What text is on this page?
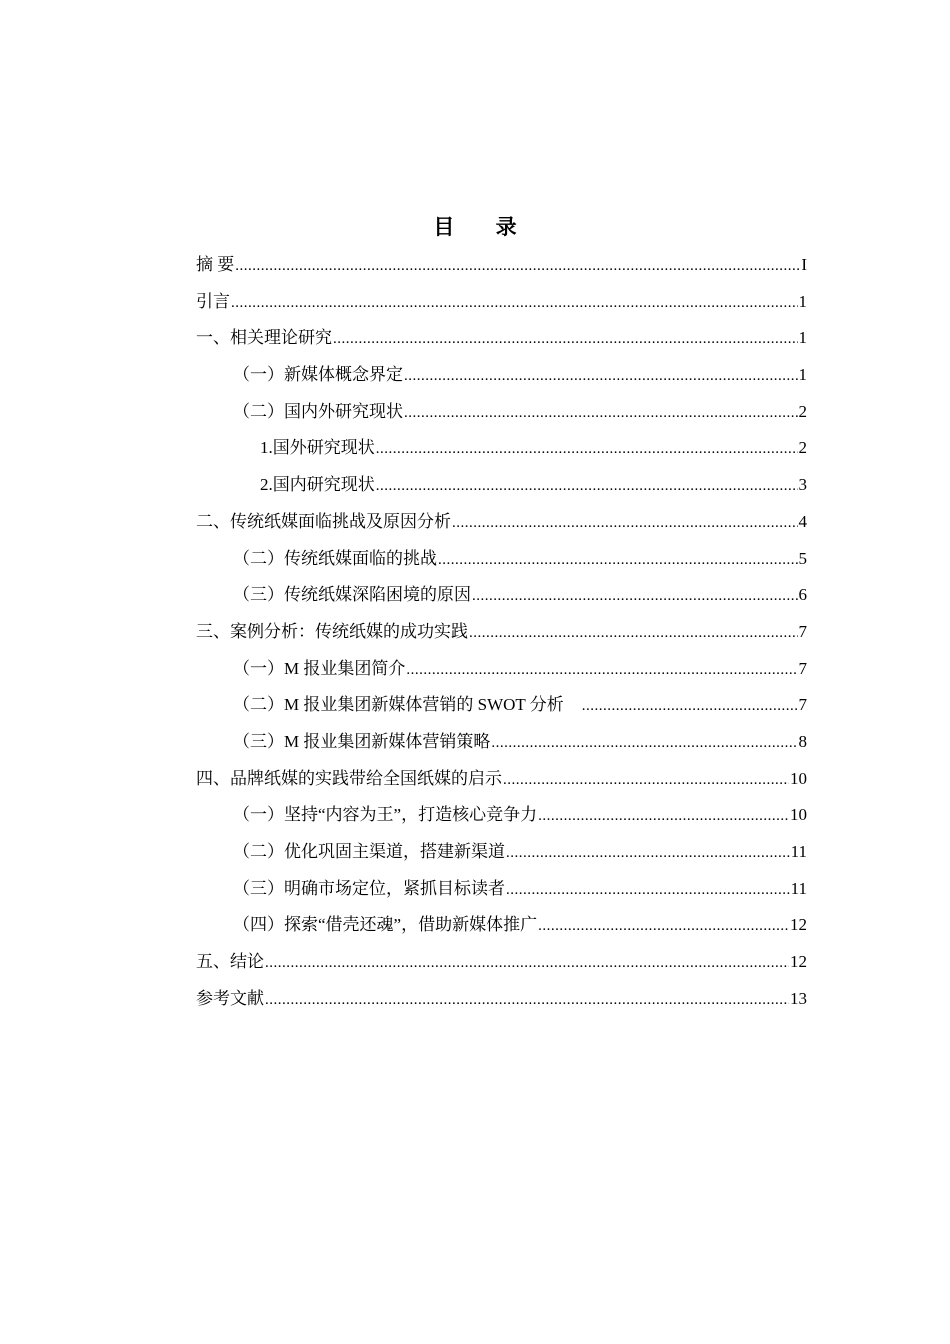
目 录
摘 要 .....	I
引言 .....	1
一、相关理论研究 .....	1
（一）新媒体概念界定 .....	1
（二）国内外研究现状 .....	2
1.国外研究现状 .....	2
2.国内研究现状 .....	3
二、传统纸媒面临挑战及原因分析 .....	4
（二）传统纸媒面临的挑战 .....	5
（三）传统纸媒深陷困境的原因 .....	6
三、案例分析：传统纸媒的成功实践 .....	7
（一）M 报业集团简介 .....	7
（二）M 报业集团新媒体营销的 SWOT 分析 .....	7
（三）M 报业集团新媒体营销策略 .....	8
四、品牌纸媒的实践带给全国纸媒的启示 .....	10
（一）坚持“内容为王”，打造核心竞争力 .....	10
（二）优化巩固主渠道，搭建新渠道 .....	11
（三）明确市场定位，紧抓目标读者 .....	11
（四）探索“借壳还魂”，借助新媒体推广 .....	12
五、结论 .....	12
参考文献 .....	13
